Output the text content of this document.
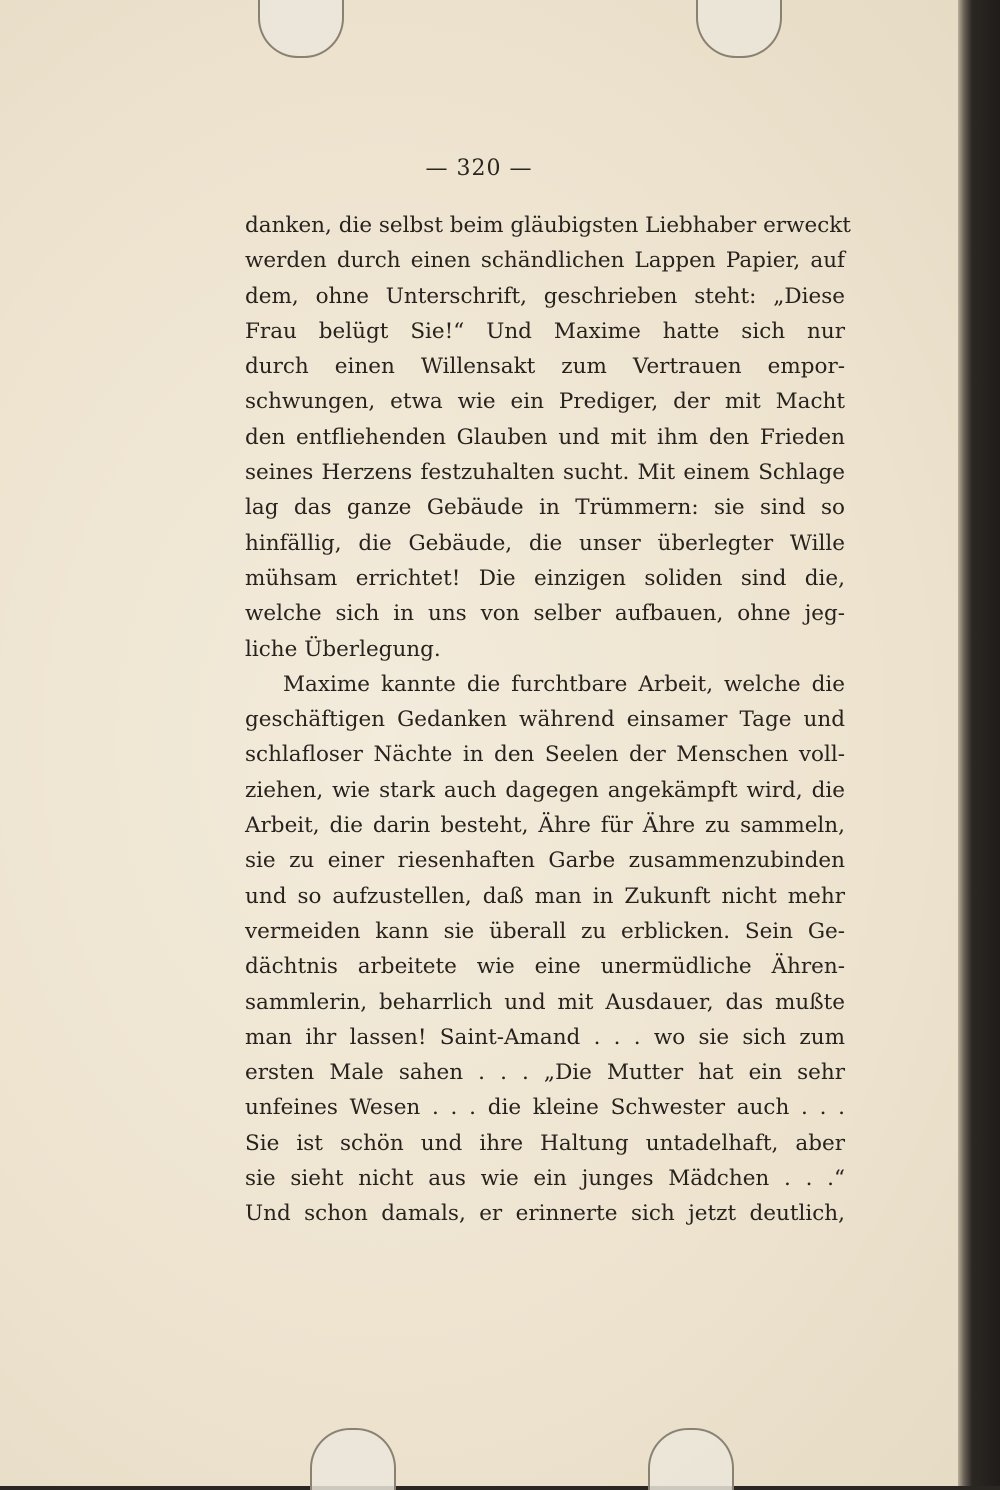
— 320 —
danken, die selbst beim gläubigsten Liebhaber erweckt
werden durch einen schändlichen Lappen Papier, auf
dem, ohne Unterschrift, geschrieben steht: „Diese
Frau belügt Sie!“ Und Maxime hatte sich nur
durch einen Willensakt zum Vertrauen empor-
schwungen, etwa wie ein Prediger, der mit Macht
den entfliehenden Glauben und mit ihm den Frieden
seines Herzens festzuhalten sucht. Mit einem Schlage
lag das ganze Gebäude in Trümmern: sie sind so
hinfällig, die Gebäude, die unser überlegter Wille
mühsam errichtet! Die einzigen soliden sind die,
welche sich in uns von selber aufbauen, ohne jeg-
liche Überlegung.
Maxime kannte die furchtbare Arbeit, welche die
geschäftigen Gedanken während einsamer Tage und
schlafloser Nächte in den Seelen der Menschen voll-
ziehen, wie stark auch dagegen angekämpft wird, die
Arbeit, die darin besteht, Ähre für Ähre zu sammeln,
sie zu einer riesenhaften Garbe zusammenzubinden
und so aufzustellen, daß man in Zukunft nicht mehr
vermeiden kann sie überall zu erblicken. Sein Ge-
dächtnis arbeitete wie eine unermüdliche Ähren-
sammlerin, beharrlich und mit Ausdauer, das mußte
man ihr lassen! Saint-Amand . . . wo sie sich zum
ersten Male sahen . . . „Die Mutter hat ein sehr
unfeines Wesen . . . die kleine Schwester auch . . .
Sie ist schön und ihre Haltung untadelhaft, aber
sie sieht nicht aus wie ein junges Mädchen . . .“
Und schon damals, er erinnerte sich jetzt deutlich,
